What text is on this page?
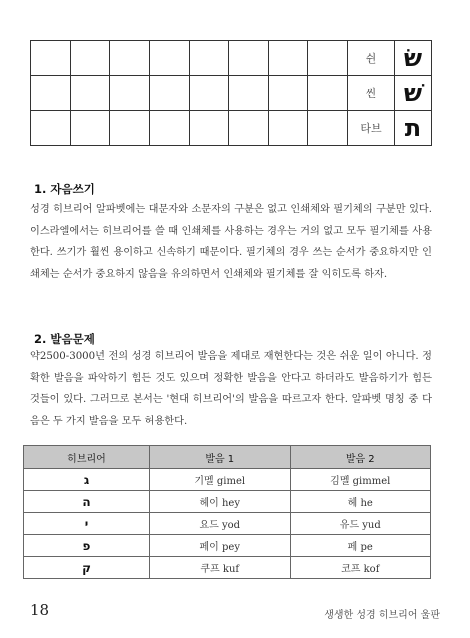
								쉰	שׂ
								씬	שׁ
								타브	ת
1. 자음쓰기

성경 히브리어 알파벳에는 대문자와 소문자의 구분은 없고 인쇄체와 필기체의 구분만 있다. 이스라엘에서는 히브리어를 쓸 때 인쇄체를 사용하는 경우는 거의 없고 모두 필기체를 사용한다. 쓰기가 훨씬 용이하고 신속하기 때문이다. 필기체의 경우 쓰는 순서가 중요하지만 인쇄체는 순서가 중요하지 않음을 유의하면서 인쇄체와 필기체를 잘 익히도록 하자.

2. 발음문제

약2500-3000년 전의 성경 히브리어 발음을 제대로 재현한다는 것은 쉬운 일이 아니다. 정확한 발음을 파악하기 힘든 것도 있으며 정확한 발음을 안다고 하더라도 발음하기가 힘든 것들이 있다. 그러므로 본서는 '현대 히브리어'의 발음을 따르고자 한다. 알파벳 명칭 중 다음은 두 가지 발음을 모두 허용한다.

히브리어	발음 1	발음 2
ג	기멜 gimel	김멜 gimmel
ה	헤이 hey	헤 he
י	요드 yod	유드 yud
פ	페이 pey	페 pe
ק	쿠프 kuf	코프 kof
18	생생한 성경 히브리어 울판
